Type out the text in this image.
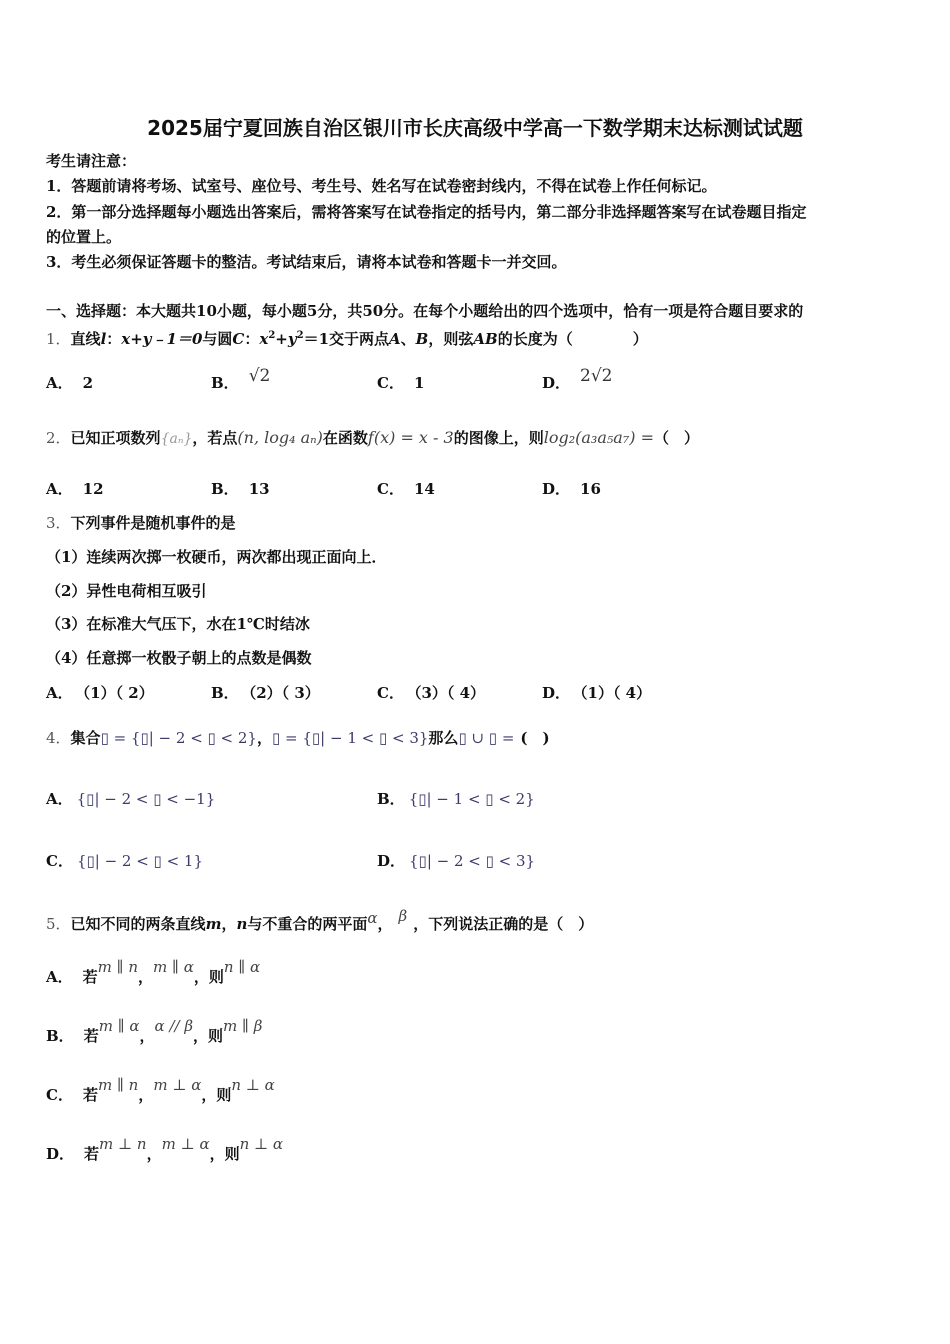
2025届宁夏回族自治区银川市长庆高级中学高一下数学期末达标测试试题
考生请注意：
1．答题前请将考场、试室号、座位号、考生号、姓名写在试卷密封线内，不得在试卷上作任何标记。
2．第一部分选择题每小题选出答案后，需将答案写在试卷指定的括号内，第二部分非选择题答案写在试卷题目指定
的位置上。
3．考生必须保证答题卡的整洁。考试结束后，请将本试卷和答题卡一并交回。
一、选择题：本大题共10小题，每小题5分，共50分。在每个小题给出的四个选项中，恰有一项是符合题目要求的
1．直线l：x+y﹣1＝0与圆C：$x^2+y^2=1$交于两点A、B，则弦AB的长度为（　　　　）
A． 2	B． √2	C． 1	D． 2√2
2．已知正项数列{aₙ}，若点(n, log₄ aₙ)在函数f(x) = x - 3的图像上，则log₂(a₃a₅a₇) =（　）
A． 12	B． 13	C． 14	D． 16
3．下列事件是随机事件的是
（1）连续两次掷一枚硬币，两次都出现正面向上．
（2）异性电荷相互吸引
（3）在标准大气压下，水在1℃时结冰
（4）任意掷一枚骰子朝上的点数是偶数
A． （1）（ 2）	B． （2）（ 3）	C． （3）（ 4）	D． （1）（ 4）
4．集合▯ = {▯| − 2 < ▯ < 2}，▯ = {▯| − 1 < ▯ < 3}那么▯ ∪ ▯ = (　)
A． {▯| − 2 < ▯ < −1}	B． {▯| − 1 < ▯ < 2}
C． {▯| − 2 < ▯ < 1}	D． {▯| − 2 < ▯ < 3}
5．已知不同的两条直线m，n与不重合的两平面α， β ，下列说法正确的是（　）
A． 若m ∥ n，m ∥ α，则n ∥ α
B． 若m ∥ α，α // β，则m ∥ β
C． 若m ∥ n，m ⊥ α，则n ⊥ α
D． 若m ⊥ n，m ⊥ α，则n ⊥ α
